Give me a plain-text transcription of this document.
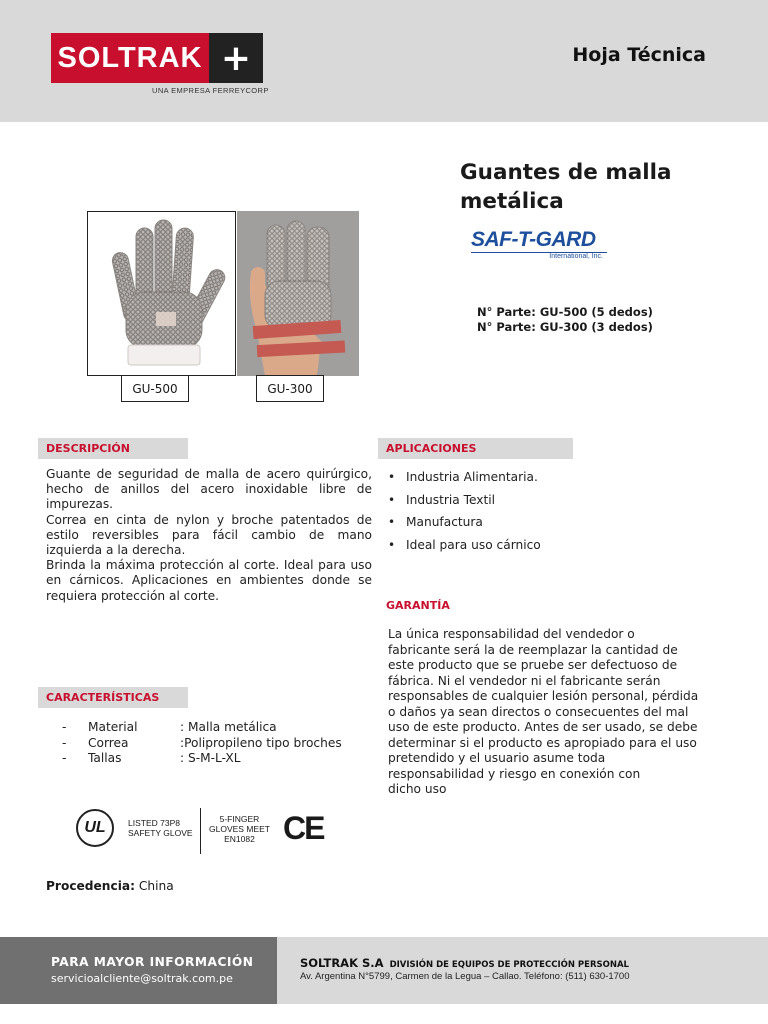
SOLTRAK +
UNA EMPRESA FERREYCORP
Hoja Técnica
Guantes de malla metálica
SAF-T-GARD
International, Inc.
N° Parte: GU-500 (5 dedos)
N° Parte: GU-300 (3 dedos)
GU-500	GU-300
DESCRIPCIÓN

Guante de seguridad de malla de acero quirúrgico, hecho de anillos del acero inoxidable libre de impurezas.

Correa en cinta de nylon y broche patentados de estilo reversibles para fácil cambio de mano izquierda a la derecha.

Brinda la máxima protección al corte. Ideal para uso en cárnicos. Aplicaciones en ambientes donde se requiera protección al corte.

APLICACIONES
• Industria Alimentaria.
• Industria Textil
• Manufactura
• Ideal para uso cárnico
GARANTÍA
La única responsabilidad del vendedor o
fabricante será la de reemplazar la cantidad de
este producto que se pruebe ser defectuoso de
fábrica. Ni el vendedor ni el fabricante serán
responsables de cualquier lesión personal, pérdida
o daños ya sean directos o consecuentes del mal
uso de este producto. Antes de ser usado, se debe
determinar si el producto es apropiado para el uso
pretendido y el usuario asume toda
responsabilidad y riesgo en conexión con
dicho uso
CARACTERÍSTICAS
-	Material	: Malla metálica
-	Correa	:Polipropileno tipo broches
-	Tallas	: S-M-L-XL
UL	LISTED 73P8
SAFETY GLOVE
5-FINGER
GLOVES MEET
EN1082 CE
Procedencia: China
PARA MAYOR INFORMACIÓN
servicioalcliente@soltrak.com.pe
SOLTRAK S.A DIVISIÓN DE EQUIPOS DE PROTECCIÓN PERSONAL
Av. Argentina N°5799, Carmen de la Legua – Callao. Teléfono: (511) 630-1700
